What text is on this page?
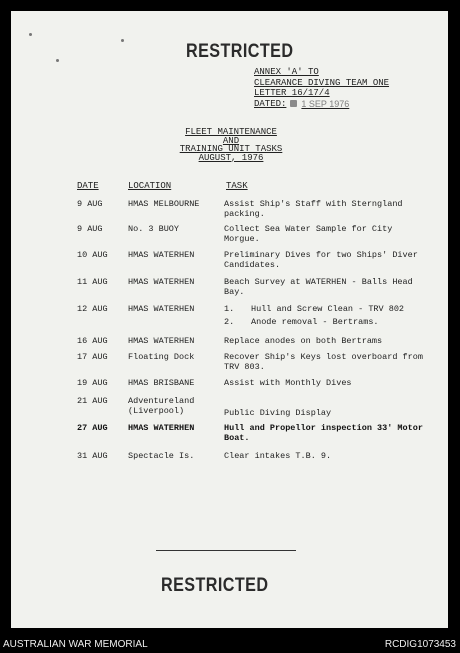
RESTRICTED
ANNEX 'A' TO
CLEARANCE DIVING TEAM ONE
LETTER 16/17/4
DATED: 1 SEP 1976
FLEET MAINTENANCE
AND
TRAINING UNIT TASKS
AUGUST, 1976
DATE	LOCATION	TASK
9 AUG	HMAS MELBOURNE	Assist Ship's Staff with Sterngland packing.
9 AUG	No. 3 BUOY	Collect Sea Water Sample for City Morgue.
10 AUG HMAS WATERHEN	Preliminary Dives for two Ships' Diver Candidates.
11 AUG HMAS WATERHEN	Beach Survey at WATERHEN - Balls Head Bay.
12 AUG HMAS WATERHEN	1. Hull and Screw Clean - TRV 802
2. Anode removal - Bertrams.
16 AUG HMAS WATERHEN	Replace anodes on both Bertrams
17 AUG Floating Dock	Recover Ship's Keys lost overboard from TRV 803.
19 AUG HMAS BRISBANE	Assist with Monthly Dives
21 AUG Adventureland (Liverpool)	Public Diving Display
27 AUG HMAS WATERHEN	Hull and Propellor inspection 33' Motor Boat.
31 AUG Spectacle Is.	Clear intakes T.B. 9.
RESTRICTED
AUSTRALIAN WAR MEMORIAL	RCDIG1073453
